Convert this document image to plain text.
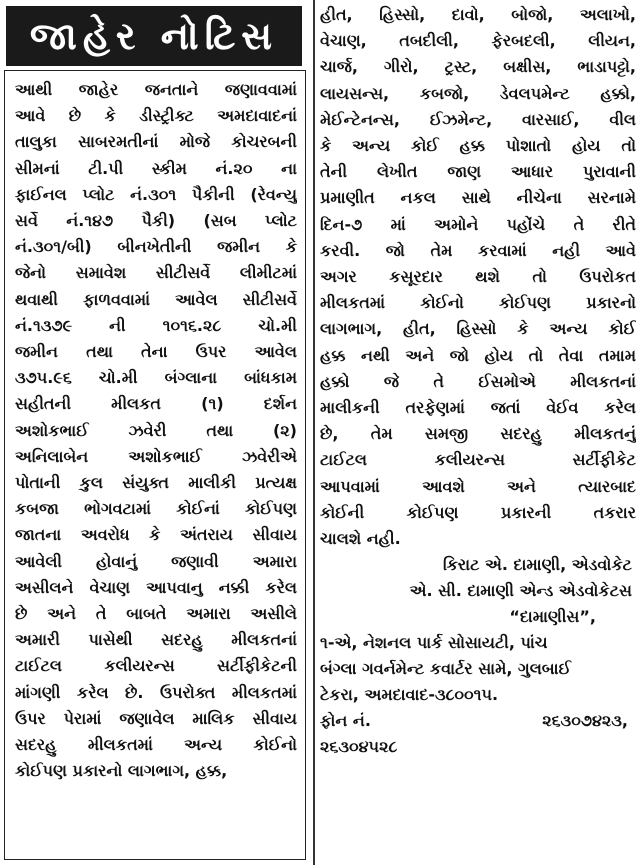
જાહેર નોટિસ
આથી જાહેર જનતાને જણાવવામાં
આવે છે કે ડીસ્ટ્રીક્ટ અમદાવાદનાં
તાલુકા સાબરમતીનાં મોજે કોચરબની
સીમનાં ટી.પી સ્કીમ નં.૨૦ ના
ફાઈનલ પ્લોટ નં.૩૦૧ પૈકીની (રેવન્યુ
સર્વે નં.૧૪૭ પૈકી) (સબ પ્લોટ
નં.૩૦૧/બી) બીનખેતીની જમીન કે
જેનો સમાવેશ સીટીસર્વે લીમીટમાં
થવાથી ફાળવવામાં આવેલ સીટીસર્વે
નં.૧૩૭૯ ની ૧૦૧૬.૨૮ ચો.મી
જમીન તથા તેના ઉપર આવેલ
૩૭૫.૯૬ ચો.મી બંગ્લાના બાંધકામ
સહીતની મીલકત (૧) દર્શન
અશોકભાઈ ઝવેરી તથા (૨)
અનિલાબેન અશોકભાઈ ઝવેરીએ
પોતાની કુલ સંયુક્ત માલીકી પ્રત્યક્ષ
કબજા ભોગવટામાં કોઈનાં કોઈપણ
જાતના અવરોધ કે અંતરાય સીવાય
આવેલી હોવાનું જણાવી અમારા
અસીલને વેચાણ આપવાનુ નક્કી કરેલ
છે અને તે બાબતે અમારા અસીલે
અમારી પાસેથી સદરહુ મીલકતનાં
ટાઈટલ કલીયરન્સ સર્ટીફીકેટની
માંગણી કરેલ છે. ઉપરોક્ત મીલકતમાં
ઉપર પેરામાં જણાવેલ માલિક સીવાય
સદરહુ મીલકતમાં અન્ય કોઈનો
કોઈપણ પ્રકારનો લાગભાગ, હક્ક,
હીત, હિસ્સો, દાવો, બોજો, અલાખો,
વેચાણ, તબદીલી, ફેરબદલી, લીયન,
ચાર્જ, ગીરો, ટ્રસ્ટ, બક્ષીસ, ભાડાપટ્ટો,
લાયસન્સ, કબજો, ડેવલપમેન્ટ હક્કો,
મેઈન્ટેનન્સ, ઈઝમેન્ટ, વારસાઈ, વીલ
કે અન્ય કોઈ હક્ક પોશાતો હોય તો
તેની લેખીત જાણ આધાર પુરાવાની
પ્રમાણીત નકલ સાથે નીચેના સરનામે
દિન-૭ માં અમોને પહોંચે તે રીતે
કરવી. જો તેમ કરવામાં નહી આવે
અગર કસૂરદાર થશે તો ઉપરોકત
મીલકતમાં કોઈનો કોઈપણ પ્રકારનો
લાગભાગ, હીત, હિસ્સો કે અન્ય કોઈ
હક્ક નથી અને જો હોય તો તેવા તમામ
હક્કો જે તે ઈસમોએ મીલકતનાં
માલીકની તરફેણમાં જતાં વેઈવ કરેલ
છે, તેમ સમજી સદરહુ મીલકતનું
ટાઈટલ કલીયરન્સ સર્ટીફીકેટ
આપવામાં આવશે અને ત્યારબાદ
કોઈની કોઈપણ પ્રકારની તકરાર
ચાલશે નહી.
કિરાટ એ. દામાણી, એડવોકેટ
એ. સી. દામાણી એન્ડ એડવોકેટસ
“દામાણીસ”,
૧-એ, નેશનલ પાર્ક સોસાયટી, પાંચ
બંગ્લા ગવર્નમેન્ટ કવાર્ટર સામે, ગુલબાઈ
ટેકરા, અમદાવાદ-૩૮૦૦૧૫.
ફોન નં.	૨૬૩૦૭૪૨૩,
૨૬૩૦૪૫૨૮
